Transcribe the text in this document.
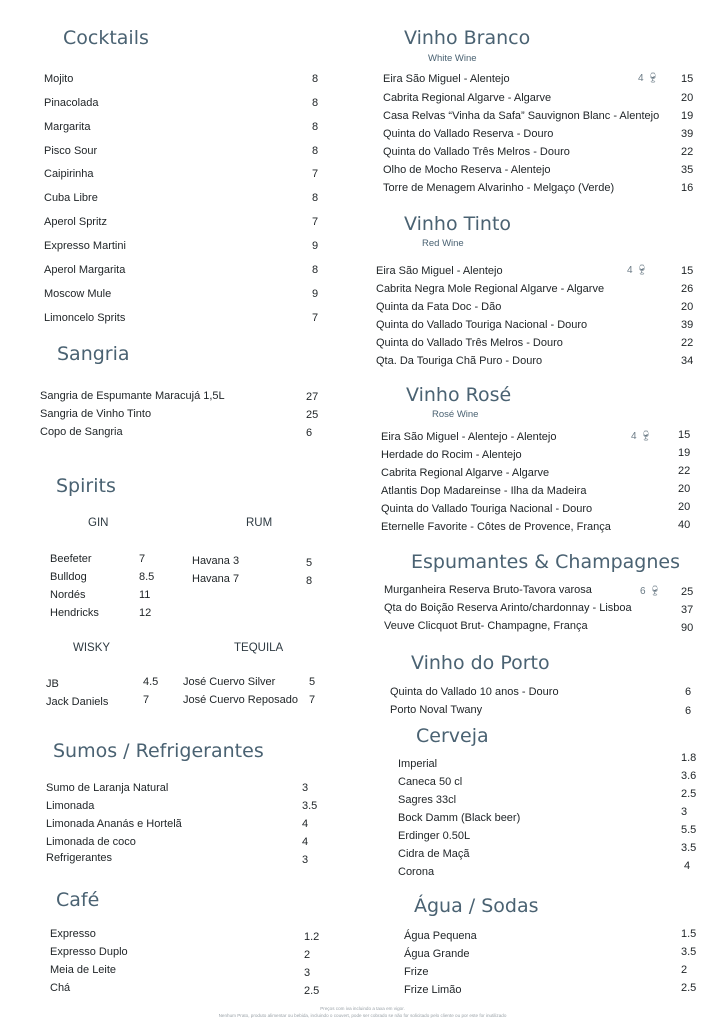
Cocktails
Mojito	8
Pinacolada	8
Margarita	8
Pisco Sour	8
Caipirinha	7
Cuba Libre	8
Aperol Spritz	7
Expresso Martini	9
Aperol Margarita	8
Moscow Mule	9
Limoncelo Sprits	7
Sangria
Sangria de Espumante Maracujá 1,5L	27
Sangria de Vinho Tinto	25
Copo de Sangria	6
Spirits
GIN	RUM
Beefeter	7
Bulldog	8.5
Nordés	11
Hendricks	12
Havana 3	5
Havana 7	8
WISKY	TEQUILA
JB	4.5
Jack Daniels	7
José Cuervo Silver	5
José Cuervo Reposado 7
Sumos / Refrigerantes
Sumo de Laranja Natural	3
Limonada	3.5
Limonada Ananás e Hortelã	4
Limonada de coco	4
Refrigerantes	3
Café
Expresso	1.2
Expresso Duplo	2
Meia de Leite	3
Chá	2.5
Vinho Branco
White Wine
4 🍷︎
Eira São Miguel - Alentejo	15
Cabrita Regional Algarve - Algarve	20
Casa Relvas “Vinha da Safa” Sauvignon Blanc - Alentejo 19
Quinta do Vallado Reserva - Douro	39
Quinta do Vallado Três Melros - Douro	22
Olho de Mocho Reserva - Alentejo	35
Torre de Menagem Alvarinho - Melgaço (Verde)	16
Vinho Tinto
Red Wine
4 🍷︎
Eira São Miguel - Alentejo	15
Cabrita Negra Mole Regional Algarve - Algarve	26
Quinta da Fata Doc - Dão	20
Quinta do Vallado Touriga Nacional - Douro	39
Quinta do Vallado Três Melros - Douro	22
Qta. Da Touriga Chã Puro - Douro	34
Vinho Rosé
Rosé Wine
4 🍷︎
Eira São Miguel - Alentejo - Alentejo	15
Herdade do Rocim - Alentejo	19
Cabrita Regional Algarve - Algarve	22
Atlantis Dop Madareinse - Ilha da Madeira	20
Quinta do Vallado Touriga Nacional - Douro	20
Eternelle Favorite - Côtes de Provence, França	40
Espumantes & Champagnes
6 🍷︎
Murganheira Reserva Bruto-Tavora varosa	25
Qta do Boição Reserva Arinto/chardonnay - Lisboa	37
Veuve Clicquot Brut- Champagne, França	90
Vinho do Porto
Quinta do Vallado 10 anos - Douro	6
Porto Noval Twany	6
Cerveja
Imperial	1.8
Caneca 50 cl	3.6
Sagres 33cl	2.5
Bock Damm (Black beer)	3
Erdinger 0.50L	5.5
Cidra de Maçã	3.5
Corona	4
Água / Sodas
Água Pequena	1.5
Água Grande	3.5
Frize	2
Frize Limão	2.5
Preços com iva incluindo a taxa em vigor.
Nenhum Prato, produto alimentar ou bebida, incluindo o couvert, pode ser cobrado se não for solicitado pelo cliente ou por este for inutilizado
